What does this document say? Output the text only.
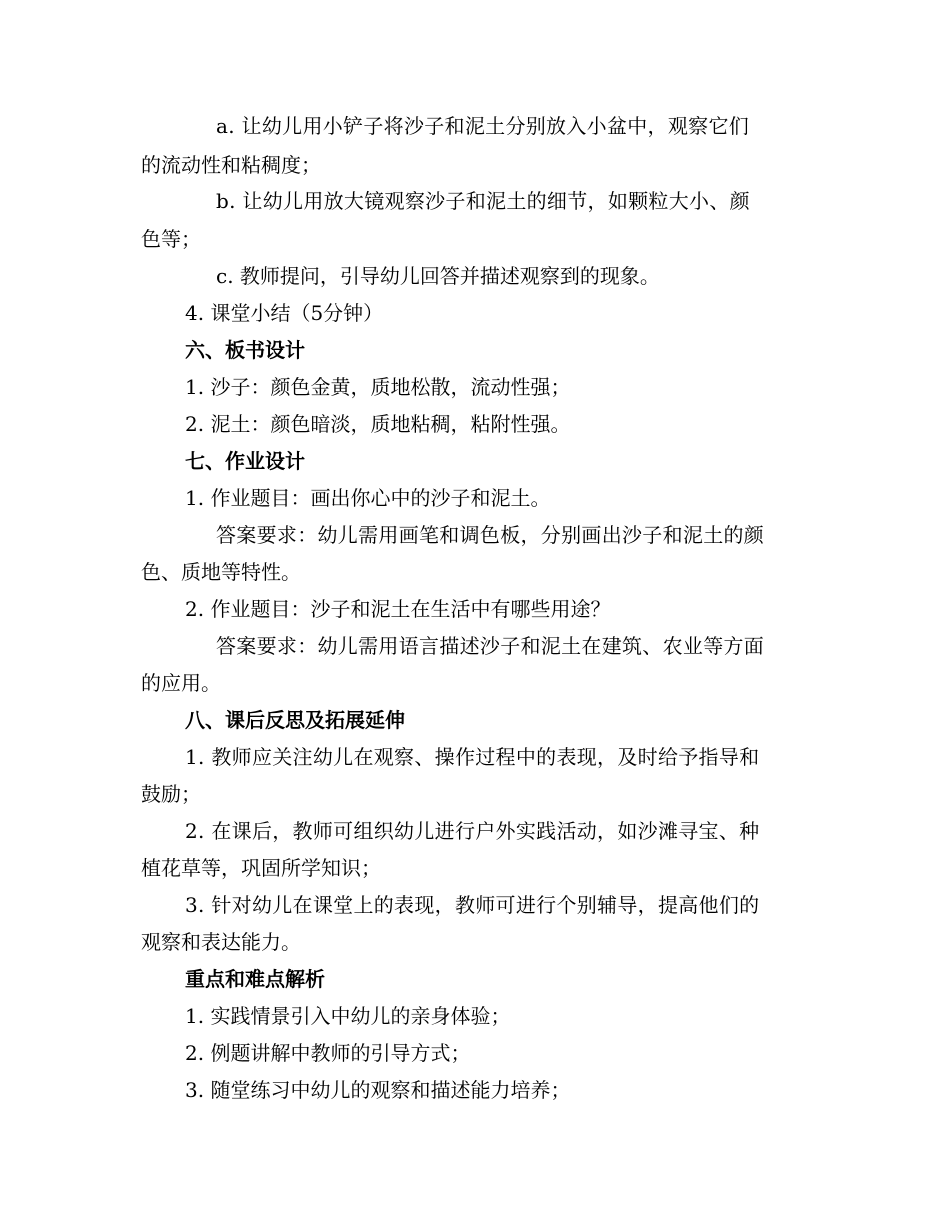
a. 让幼儿用小铲子将沙子和泥土分别放入小盆中，观察它们

的流动性和粘稠度；

b. 让幼儿用放大镜观察沙子和泥土的细节，如颗粒大小、颜

色等；

c. 教师提问，引导幼儿回答并描述观察到的现象。

4. 课堂小结（5分钟）

六、板书设计

1. 沙子：颜色金黄，质地松散，流动性强；

2. 泥土：颜色暗淡，质地粘稠，粘附性强。

七、作业设计

1. 作业题目：画出你心中的沙子和泥土。

答案要求：幼儿需用画笔和调色板，分别画出沙子和泥土的颜

色、质地等特性。

2. 作业题目：沙子和泥土在生活中有哪些用途？

答案要求：幼儿需用语言描述沙子和泥土在建筑、农业等方面

的应用。

八、课后反思及拓展延伸

1. 教师应关注幼儿在观察、操作过程中的表现，及时给予指导和

鼓励；

2. 在课后，教师可组织幼儿进行户外实践活动，如沙滩寻宝、种

植花草等，巩固所学知识；

3. 针对幼儿在课堂上的表现，教师可进行个别辅导，提高他们的

观察和表达能力。

重点和难点解析

1. 实践情景引入中幼儿的亲身体验；

2. 例题讲解中教师的引导方式；

3. 随堂练习中幼儿的观察和描述能力培养；
